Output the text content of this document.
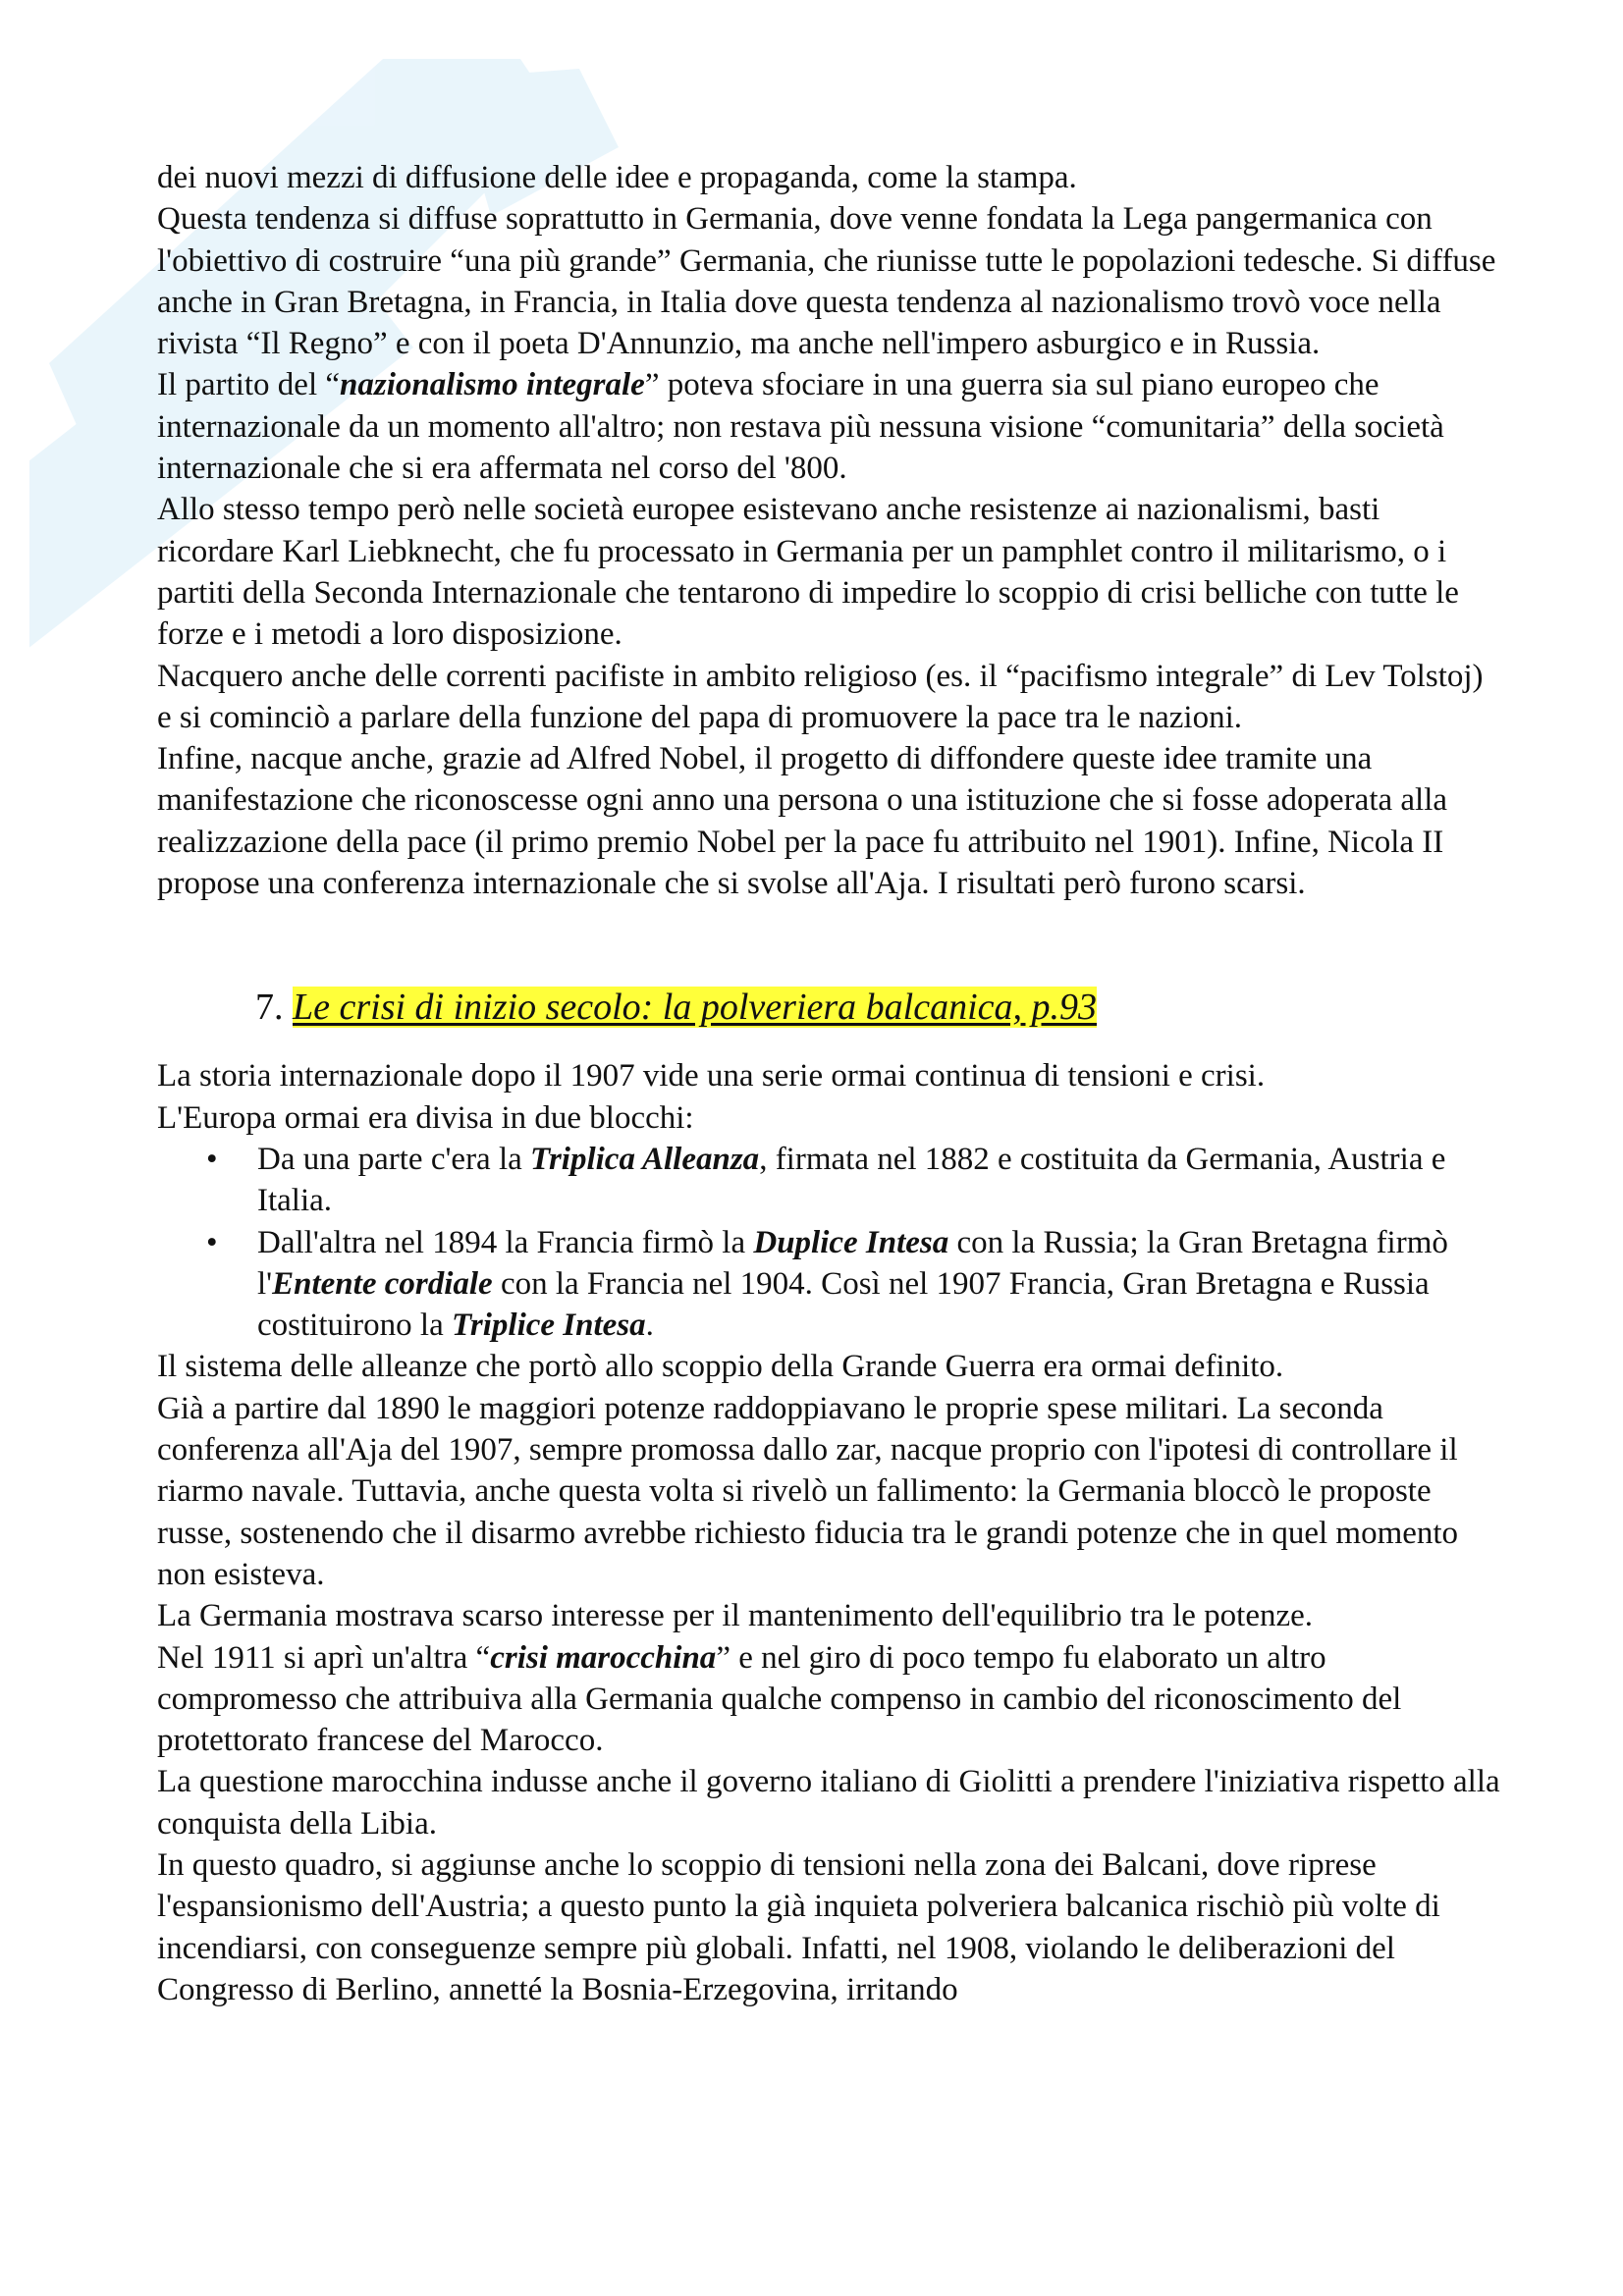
dei nuovi mezzi di diffusione delle idee e propaganda, come la stampa.

Questa tendenza si diffuse soprattutto in Germania, dove venne fondata la Lega pangermanica con l'obiettivo di costruire “una più grande” Germania, che riunisse tutte le popolazioni tedesche. Si diffuse anche in Gran Bretagna, in Francia, in Italia dove questa tendenza al nazionalismo trovò voce nella rivista “Il Regno” e con il poeta D'Annunzio, ma anche nell'impero asburgico e in Russia.

Il partito del “nazionalismo integrale” poteva sfociare in una guerra sia sul piano europeo che internazionale da un momento all'altro; non restava più nessuna visione “comunitaria” della società internazionale che si era affermata nel corso del '800.

Allo stesso tempo però nelle società europee esistevano anche resistenze ai nazionalismi, basti ricordare Karl Liebknecht, che fu processato in Germania per un pamphlet contro il militarismo, o i partiti della Seconda Internazionale che tentarono di impedire lo scoppio di crisi belliche con tutte le forze e i metodi a loro disposizione.

Nacquero anche delle correnti pacifiste in ambito religioso (es. il “pacifismo integrale” di Lev Tolstoj) e si cominciò a parlare della funzione del papa di promuovere la pace tra le nazioni.

Infine, nacque anche, grazie ad Alfred Nobel, il progetto di diffondere queste idee tramite una manifestazione che riconoscesse ogni anno una persona o una istituzione che si fosse adoperata alla realizzazione della pace (il primo premio Nobel per la pace fu attribuito nel 1901). Infine, Nicola II propose una conferenza internazionale che si svolse all'Aja. I risultati però furono scarsi.

7. Le crisi di inizio secolo: la polveriera balcanica, p.93

La storia internazionale dopo il 1907 vide una serie ormai continua di tensioni e crisi.

L'Europa ormai era divisa in due blocchi:

• Da una parte c'era la Triplica Alleanza, firmata nel 1882 e costituita da Germania, Austria e Italia.
• Dall'altra nel 1894 la Francia firmò la Duplice Intesa con la Russia; la Gran Bretagna firmò l'Entente cordiale con la Francia nel 1904. Così nel 1907 Francia, Gran Bretagna e Russia costituirono la Triplice Intesa.

Il sistema delle alleanze che portò allo scoppio della Grande Guerra era ormai definito.

Già a partire dal 1890 le maggiori potenze raddoppiavano le proprie spese militari. La seconda conferenza all'Aja del 1907, sempre promossa dallo zar, nacque proprio con l'ipotesi di controllare il riarmo navale. Tuttavia, anche questa volta si rivelò un fallimento: la Germania bloccò le proposte russe, sostenendo che il disarmo avrebbe richiesto fiducia tra le grandi potenze che in quel momento non esisteva.

La Germania mostrava scarso interesse per il mantenimento dell'equilibrio tra le potenze.

Nel 1911 si aprì un'altra “crisi marocchina” e nel giro di poco tempo fu elaborato un altro compromesso che attribuiva alla Germania qualche compenso in cambio del riconoscimento del protettorato francese del Marocco.

La questione marocchina indusse anche il governo italiano di Giolitti a prendere l'iniziativa rispetto alla conquista della Libia.

In questo quadro, si aggiunse anche lo scoppio di tensioni nella zona dei Balcani, dove riprese l'espansionismo dell'Austria; a questo punto la già inquieta polveriera balcanica rischiò più volte di incendiarsi, con conseguenze sempre più globali. Infatti, nel 1908, violando le deliberazioni del Congresso di Berlino, annetté la Bosnia-Erzegovina, irritando
